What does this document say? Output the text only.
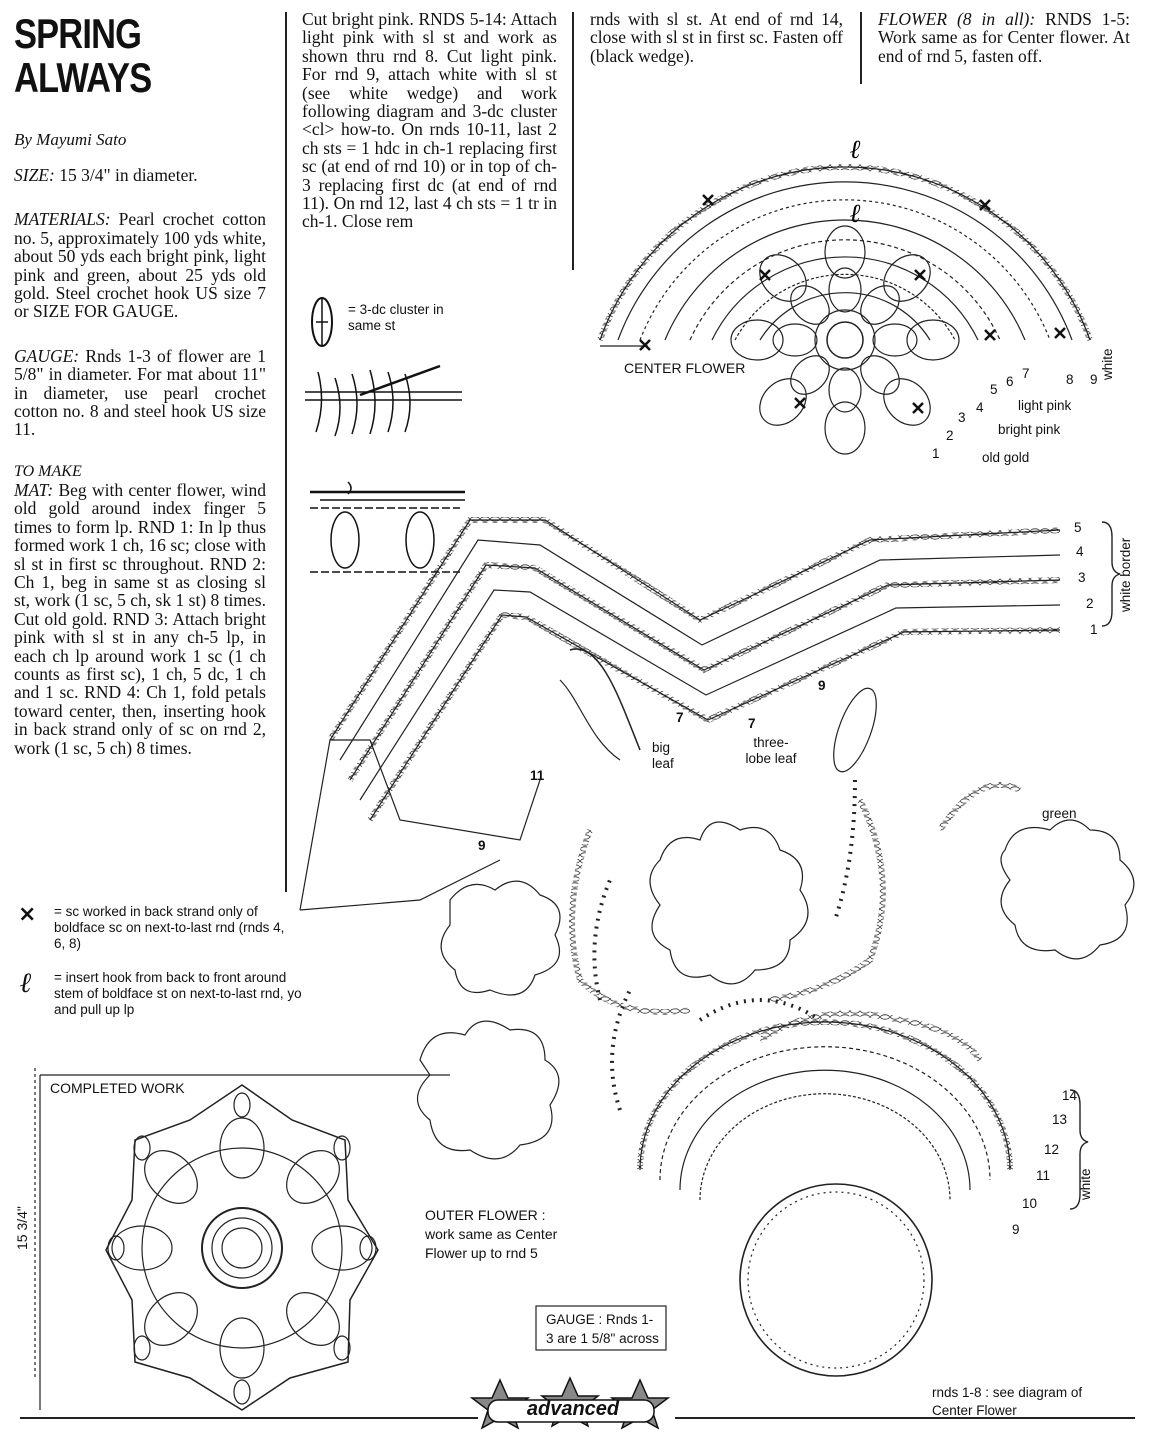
SPRING
ALWAYS
By Mayumi Sato

SIZE: 15 3/4" in diameter.

MATERIALS: Pearl crochet cotton no. 5, approximately 100 yds white, about 50 yds each bright pink, light pink and green, about 25 yds old gold. Steel crochet hook US size 7 or SIZE FOR GAUGE.

GAUGE: Rnds 1-3 of flower are 1 5/8" in diameter. For mat about 11" in diameter, use pearl crochet cotton no. 8 and steel hook US size 11.

TO MAKE

MAT: Beg with center flower, wind old gold around index finger 5 times to form lp. RND 1: In lp thus formed work 1 ch, 16 sc; close with sl st in first sc throughout. RND 2: Ch 1, beg in same st as closing sl st, work (1 sc, 5 ch, sk 1 st) 8 times. Cut old gold. RND 3: Attach bright pink with sl st in any ch-5 lp, in each ch lp around work 1 sc (1 ch counts as first sc), 1 ch, 5 dc, 1 ch and 1 sc. RND 4: Ch 1, fold petals toward center, then, inserting hook in back strand only of sc on rnd 2, work (1 sc, 5 ch) 8 times.

= sc worked in back strand only of boldface sc on next-to-last rnd (rnds 4, 6, 8)
×
= insert hook from back to front around stem of boldface st on next-to-last rnd, yo and pull up lp
ℓ

Cut bright pink. RNDS 5-14: Attach light pink with sl st and work as shown thru rnd 8. Cut light pink. For rnd 9, attach white with sl st (see white wedge) and work following diagram and 3-dc cluster <cl> how-to. On rnds 10-11, last 2 ch sts = 1 hdc in ch-1 replacing first sc (at end of rnd 10) or in top of ch-3 replacing first dc (at end of rnd 11). On rnd 12, last 4 ch sts = 1 tr in ch-1. Close rem

rnds with sl st. At end of rnd 14, close with sl st in first sc. Fasten off (black wedge).

FLOWER (8 in all): RNDS 1-5: Work same as for Center flower. At end of rnd 5, fasten off.

= 3-dc cluster in same st
ℓ
ℓ
CENTER FLOWER
1
2
3
4
5
6
7	8 9
light pink
bright pink
old gold
white
5
4
3
2
1
white border
big leaf
three-lobe leaf
7	7
9
9
11
green
14
13
12
11
10
9
white
OUTER FLOWER : work same as Center Flower up to rnd 5
GAUGE : Rnds 1-3 are 1 5/8" across
rnds 1-8 : see diagram of Center Flower
COMPLETED WORK
15 3/4"
advanced
